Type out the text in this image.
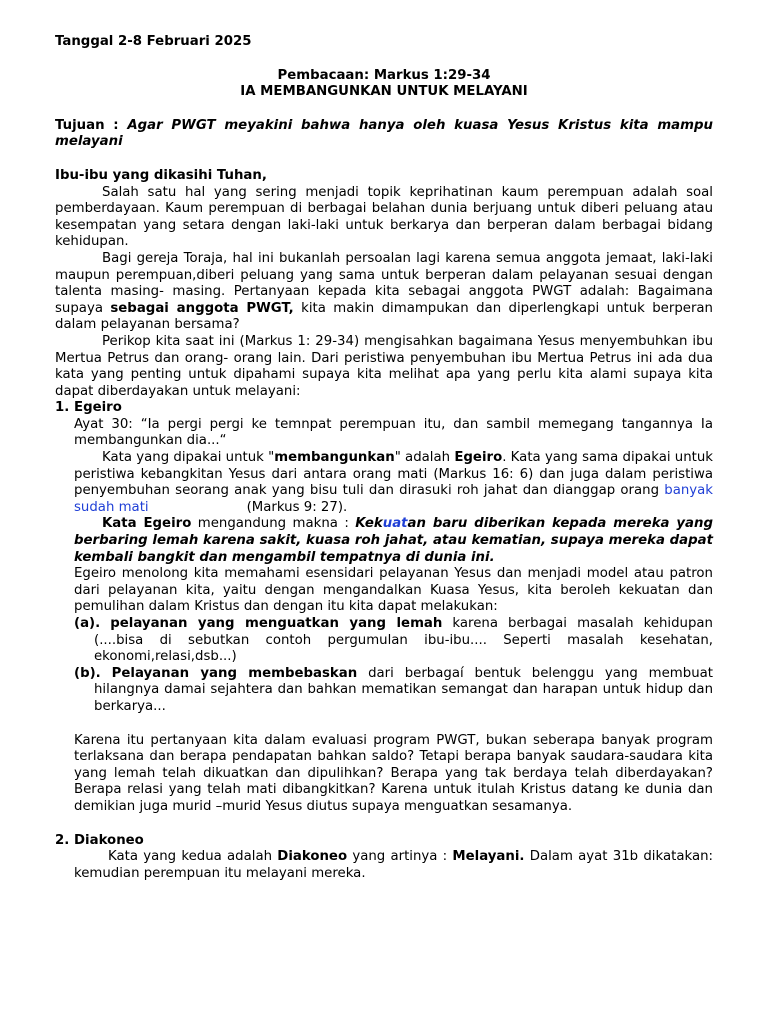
Tanggal 2-8 Februari 2025

Pembacaan: Markus 1:29-34

IA MEMBANGUNKAN UNTUK MELAYANI

Tujuan : Agar PWGT meyakini bahwa hanya oleh kuasa Yesus Kristus kita mampu melayani

Ibu-ibu yang dikasihi Tuhan,

Salah satu hal yang sering menjadi topik keprihatinan kaum perempuan adalah soal pemberdayaan. Kaum perempuan di berbagai belahan dunia berjuang untuk diberi peluang atau kesempatan yang setara dengan laki-laki untuk berkarya dan berperan dalam berbagai bidang kehidupan.

Bagi gereja Toraja, hal ini bukanlah persoalan lagi karena semua anggota jemaat, laki-laki maupun perempuan,diberi peluang yang sama untuk berperan dalam pelayanan sesuai dengan talenta masing- masing. Pertanyaan kepada kita sebagai anggota PWGT adalah: Bagaimana supaya sebagai anggota PWGT, kita makin dimampukan dan diperlengkapi untuk berperan dalam pelayanan bersama?

Perikop kita saat ini (Markus 1: 29-34) mengisahkan bagaimana Yesus menyembuhkan ibu Mertua Petrus dan orang- orang lain. Dari peristiwa penyembuhan ibu Mertua Petrus ini ada dua kata yang penting untuk dipahami supaya kita melihat apa yang perlu kita alami supaya kita dapat diberdayakan untuk melayani:

1. Egeiro

Ayat 30: “Ia pergi pergi ke temnpat perempuan itu, dan sambil memegang tangannya Ia membangunkan dia...“

Kata yang dipakai untuk "membangunkan" adalah Egeiro. Kata yang sama dipakai untuk peristiwa kebangkitan Yesus dari antara orang mati (Markus 16: 6) dan juga dalam peristiwa penyembuhan seorang anak yang bisu tuli dan dirasuki roh jahat dan dianggap orang banyak sudah mati	(Markus 9: 27).

Kata Egeiro mengandung makna : Kekuatan baru diberikan kepada mereka yang berbaring lemah karena sakit, kuasa roh jahat, atau kematian, supaya mereka dapat kembali bangkit dan mengambil tempatnya di dunia ini.

Egeiro menolong kita memahami esensidari pelayanan Yesus dan menjadi model atau patron dari pelayanan kita, yaitu dengan mengandalkan Kuasa Yesus, kita beroleh kekuatan dan pemulihan dalam Kristus dan dengan itu kita dapat melakukan:

(a). pelayanan yang menguatkan yang lemah karena berbagai masalah kehidupan (....bisa di sebutkan contoh pergumulan ibu-ibu.... Seperti masalah kesehatan, ekonomi,relasi,dsb...)

(b). Pelayanan yang membebaskan dari berbagaí bentuk belenggu yang membuat hilangnya damai sejahtera dan bahkan mematikan semangat dan harapan untuk hidup dan berkarya...

Karena itu pertanyaan kita dalam evaluasi program PWGT, bukan seberapa banyak program terlaksana dan berapa pendapatan bahkan saldo? Tetapi berapa banyak saudara-saudara kita yang lemah telah dikuatkan dan dipulihkan? Berapa yang tak berdaya telah diberdayakan? Berapa relasi yang telah mati dibangkitkan? Karena untuk itulah Kristus datang ke dunia dan demikian juga murid –murid Yesus diutus supaya menguatkan sesamanya.

2. Diakoneo

Kata yang kedua adalah Diakoneo yang artinya : Melayani. Dalam ayat 31b dikatakan: kemudian perempuan itu melayani mereka.
